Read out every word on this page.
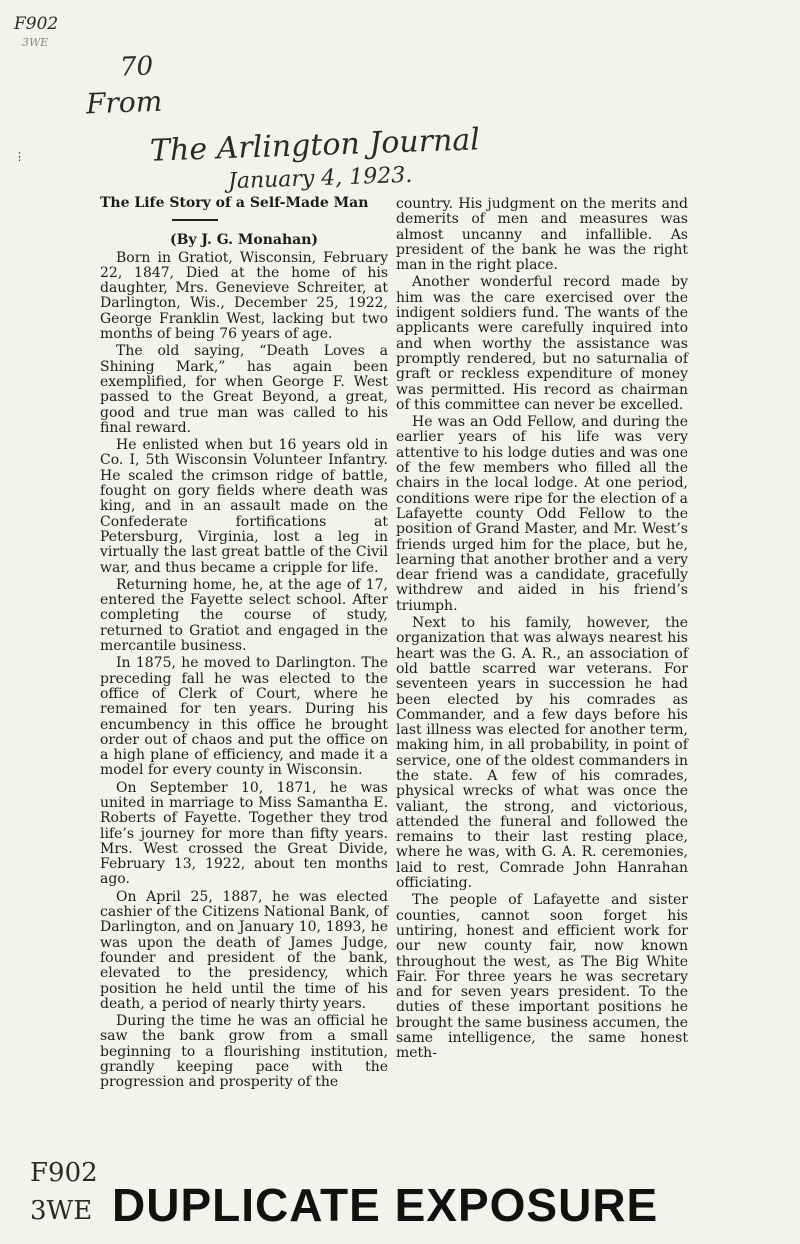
F902
3WE
70
From
The Arlington Journal
January 4, 1923.
⋮
The Life Story of a Self-Made Man

(By J. G. Monahan)

Born in Gratiot, Wisconsin, February 22, 1847, Died at the home of his daughter, Mrs. Genevieve Schreiter, at Darlington, Wis., December 25, 1922, George Franklin West, lacking but two months of being 76 years of age.

The old saying, “Death Loves a Shining Mark,” has again been exemplified, for when George F. West passed to the Great Beyond, a great, good and true man was called to his final reward.

He enlisted when but 16 years old in Co. I, 5th Wisconsin Volunteer Infantry. He scaled the crimson ridge of battle, fought on gory fields where death was king, and in an assault made on the Confederate fortifications at Petersburg, Virginia, lost a leg in virtually the last great battle of the Civil war, and thus became a cripple for life.

Returning home, he, at the age of 17, entered the Fayette select school. After completing the course of study, returned to Gratiot and engaged in the mercantile business.

In 1875, he moved to Darlington. The preceding fall he was elected to the office of Clerk of Court, where he remained for ten years. During his encumbency in this office he brought order out of chaos and put the office on a high plane of efficiency, and made it a model for every county in Wisconsin.

On September 10, 1871, he was united in marriage to Miss Samantha E. Roberts of Fayette. Together they trod life’s journey for more than fifty years. Mrs. West crossed the Great Divide, February 13, 1922, about ten months ago.

On April 25, 1887, he was elected cashier of the Citizens National Bank, of Darlington, and on January 10, 1893, he was upon the death of James Judge, founder and president of the bank, elevated to the presidency, which position he held until the time of his death, a period of nearly thirty years.

During the time he was an official he saw the bank grow from a small beginning to a flourishing institution, grandly keeping pace with the progression and prosperity of the

country. His judgment on the merits and demerits of men and measures was almost uncanny and infallible. As president of the bank he was the right man in the right place.

Another wonderful record made by him was the care exercised over the indigent soldiers fund. The wants of the applicants were carefully inquired into and when worthy the assistance was promptly rendered, but no saturnalia of graft or reckless expenditure of money was permitted. His record as chairman of this committee can never be excelled.

He was an Odd Fellow, and during the earlier years of his life was very attentive to his lodge duties and was one of the few members who filled all the chairs in the local lodge. At one period, conditions were ripe for the election of a Lafayette county Odd Fellow to the position of Grand Master, and Mr. West’s friends urged him for the place, but he, learning that another brother and a very dear friend was a candidate, gracefully withdrew and aided in his friend’s triumph.

Next to his family, however, the organization that was always nearest his heart was the G. A. R., an association of old battle scarred war veterans. For seventeen years in succession he had been elected by his comrades as Commander, and a few days before his last illness was elected for another term, making him, in all probability, in point of service, one of the oldest commanders in the state. A few of his comrades, physical wrecks of what was once the valiant, the strong, and victorious, attended the funeral and followed the remains to their last resting place, where he was, with G. A. R. ceremonies, laid to rest, Comrade John Hanrahan officiating.

The people of Lafayette and sister counties, cannot soon forget his untiring, honest and efficient work for our new county fair, now known throughout the west, as The Big White Fair. For three years he was secretary and for seven years president. To the duties of these important positions he brought the same business accumen, the same intelligence, the same honest meth-

F902
3WE DUPLICATE EXPOSURE
